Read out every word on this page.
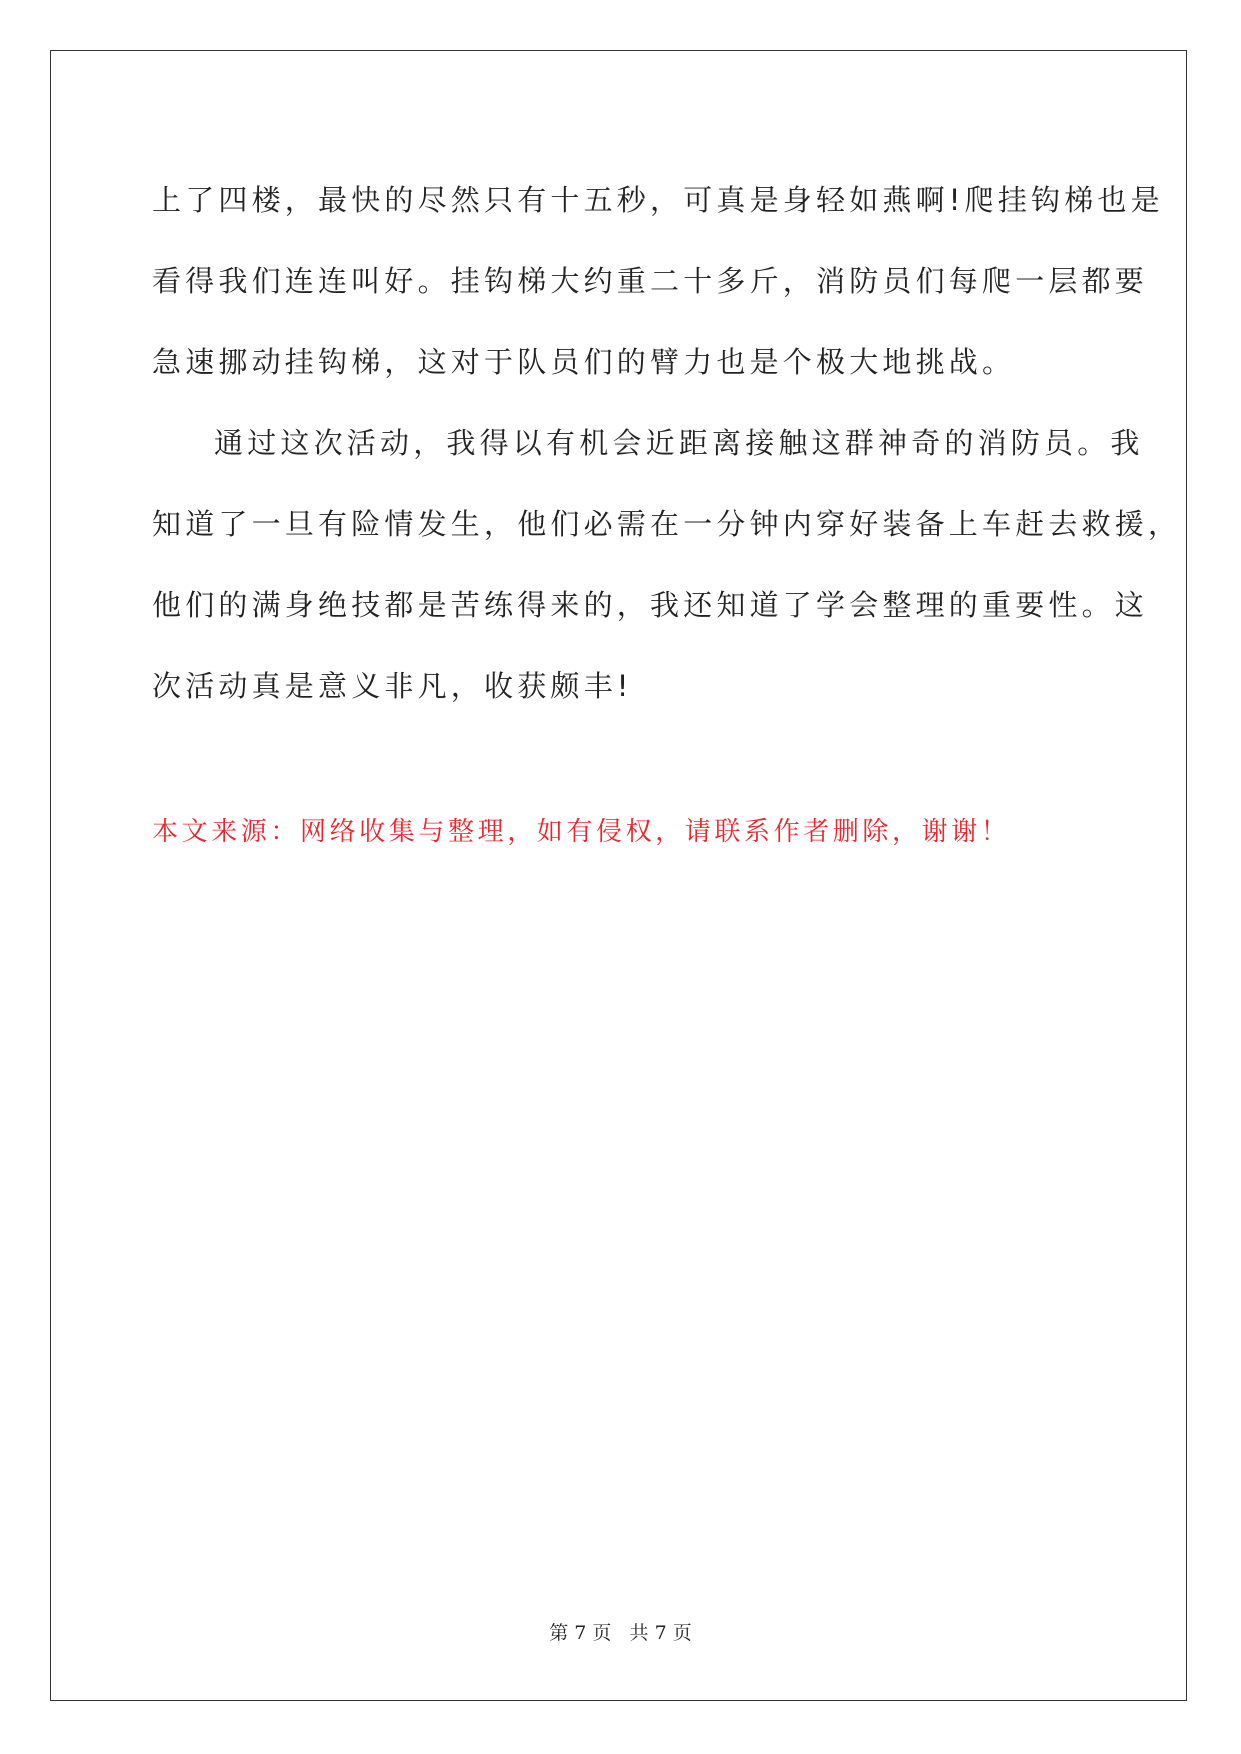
上了四楼，最快的尽然只有十五秒，可真是身轻如燕啊!爬挂钩梯也是
看得我们连连叫好。挂钩梯大约重二十多斤，消防员们每爬一层都要
急速挪动挂钩梯，这对于队员们的臂力也是个极大地挑战。
通过这次活动，我得以有机会近距离接触这群神奇的消防员。我
知道了一旦有险情发生，他们必需在一分钟内穿好装备上车赶去救援，
他们的满身绝技都是苦练得来的，我还知道了学会整理的重要性。这
次活动真是意义非凡，收获颇丰!
本文来源：网络收集与整理，如有侵权，请联系作者删除，谢谢！
第 7 页   共 7 页
